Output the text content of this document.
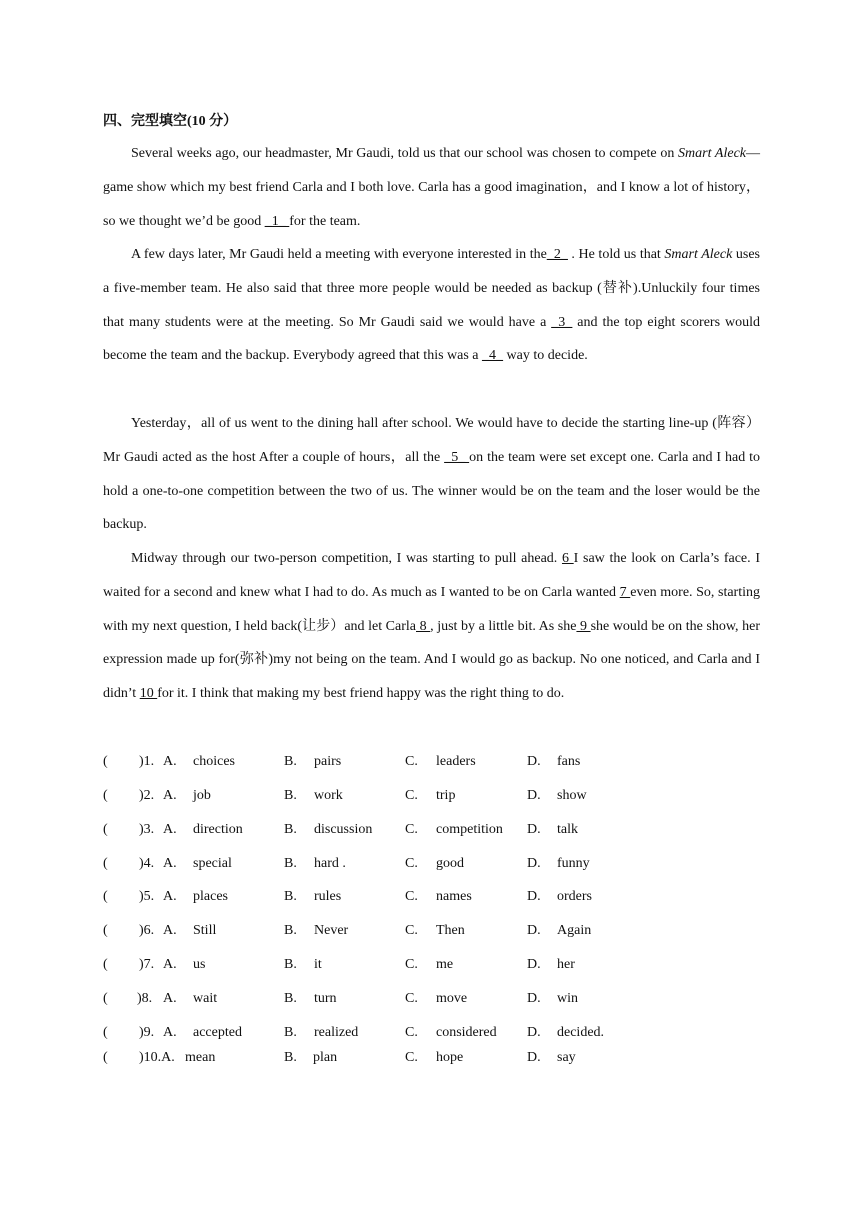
四、完型填空(10 分）

Several weeks ago, our headmaster, Mr Gaudi, told us that our school was chosen to compete on Smart Aleck—game show which my best friend Carla and I both love. Carla has a good imagination，and I know a lot of history，so we thought we’d be good _1_ for the team.

A few days later, Mr Gaudi held a meeting with everyone interested in the_2_ . He told us that Smart Aleck uses a five-member team. He also said that three more people would be needed as backup (替补).Unluckily four times that many students were at the meeting. So Mr Gaudi said we would have a _3_ and the top eight scorers would become the team and the backup. Everybody agreed that this was a _4_ way to decide.

Yesterday，all of us went to the dining hall after school. We would have to decide the starting line-up (阵容）Mr Gaudi acted as the host After a couple of hours，all the _5_ on the team were set except one. Carla and I had to hold a one-to-one competition between the two of us. The winner would be on the team and the loser would be the backup.

Midway through our two-person competition, I was starting to pull ahead. 6 I saw the look on Carla’s face. I waited for a second and knew what I had to do. As much as I wanted to be on Carla wanted 7 even more. So, starting with my next question, I held back(让步）and let Carla 8 , just by a little bit. As she 9 she would be on the show, her expression made up for(弥补)my not being on the team. And I would go as backup. No one noticed, and Carla and I didn’t 10 for it. I think that making my best friend happy was the right thing to do.

( )1. A. choices	B. pairs	C. leaders	D. fans
( )2. A. job	B. work	C. trip	D. show
( )3. A. direction	B. discussion C. competition D. talk
( )4. A. special	B. hard .	C. good	D. funny
( )5. A. places	B. rules	C. names	D. orders
( )6. A. Still	B. Never	C. Then	D. Again
( )7. A. us	B. it	C. me	D. her
( )8. A. wait	B. turn	C. move	D. win
( )9. A. accepted	B. realized	C. considered D. decided.
( )10.A. mean	B. plan	C. hope	D. say
